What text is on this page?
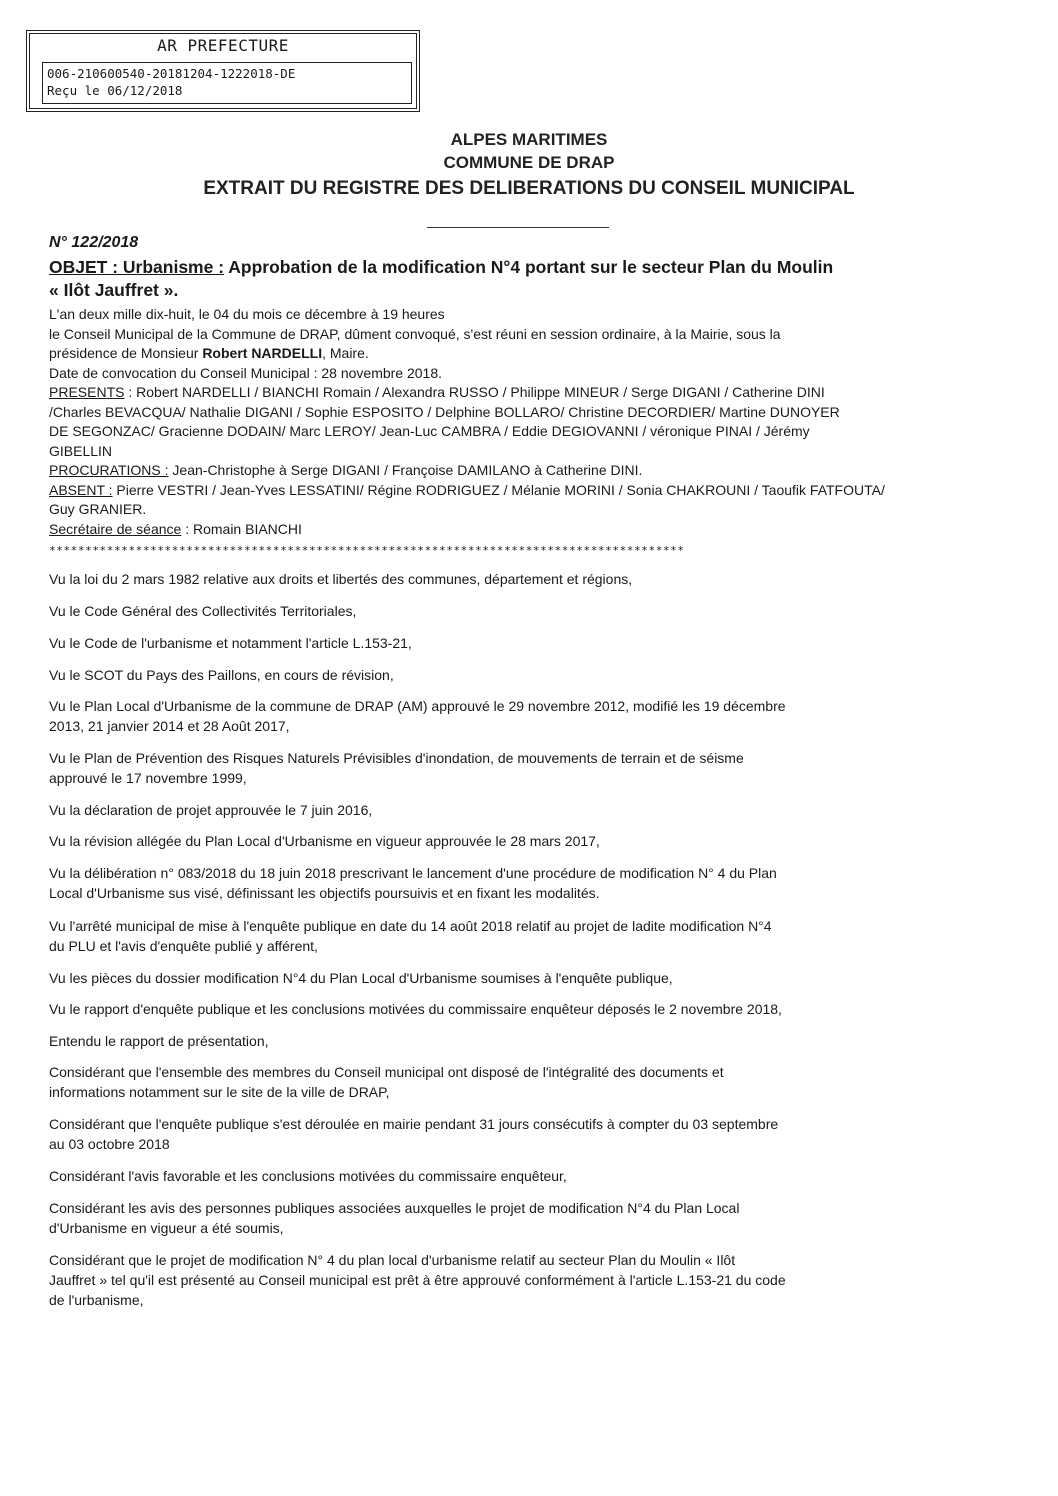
AR PREFECTURE
006-210600540-20181204-1222018-DE
Reçu le 06/12/2018
ALPES MARITIMES
COMMUNE DE DRAP
EXTRAIT DU REGISTRE DES DELIBERATIONS DU CONSEIL MUNICIPAL
N° 122/2018
OBJET : Urbanisme : Approbation de la modification N°4 portant sur le secteur Plan du Moulin
« Ilôt Jauffret ».
L'an deux mille dix-huit, le 04 du mois ce décembre à 19 heures
le Conseil Municipal de la Commune de DRAP, dûment convoqué, s'est réuni en session ordinaire, à la Mairie, sous la
présidence de Monsieur Robert NARDELLI, Maire.
Date de convocation du Conseil Municipal : 28 novembre 2018.
PRESENTS : Robert NARDELLI / BIANCHI Romain / Alexandra RUSSO / Philippe MINEUR / Serge DIGANI / Catherine DINI
/Charles BEVACQUA/ Nathalie DIGANI / Sophie ESPOSITO / Delphine BOLLARO/ Christine DECORDIER/ Martine DUNOYER
DE SEGONZAC/ Gracienne DODAIN/ Marc LEROY/ Jean-Luc CAMBRA / Eddie DEGIOVANNI / véronique PINAI / Jérémy
GIBELLIN
PROCURATIONS : Jean-Christophe à Serge DIGANI / Françoise DAMILANO à Catherine DINI.
ABSENT : Pierre VESTRI / Jean-Yves LESSATINI/ Régine RODRIGUEZ / Mélanie MORINI / Sonia CHAKROUNI / Taoufik FATFOUTA/
Guy GRANIER.
Secrétaire de séance : Romain BIANCHI
****************************************************************************************
Vu la loi du 2 mars 1982 relative aux droits et libertés des communes, département et régions,
Vu le Code Général des Collectivités Territoriales,
Vu le Code de l'urbanisme et notamment l'article L.153-21,
Vu le SCOT du Pays des Paillons, en cours de révision,
Vu le Plan Local d'Urbanisme de la commune de DRAP (AM) approuvé le 29 novembre 2012, modifié les 19 décembre
2013, 21 janvier 2014 et 28 Août 2017,
Vu le Plan de Prévention des Risques Naturels Prévisibles d'inondation, de mouvements de terrain et de séisme
approuvé le 17 novembre 1999,
Vu la déclaration de projet approuvée le 7 juin 2016,
Vu la révision allégée du Plan Local d'Urbanisme en vigueur approuvée le 28 mars 2017,
Vu la délibération n° 083/2018 du 18 juin 2018 prescrivant le lancement d'une procédure de modification N° 4 du Plan
Local d'Urbanisme sus visé, définissant les objectifs poursuivis et en fixant les modalités.
Vu l'arrêté municipal de mise à l'enquête publique en date du 14 août 2018 relatif au projet de ladite modification N°4
du PLU et l'avis d'enquête publié y afférent,
Vu les pièces du dossier modification N°4 du Plan Local d'Urbanisme soumises à l'enquête publique,
Vu le rapport d'enquête publique et les conclusions motivées du commissaire enquêteur déposés le 2 novembre 2018,
Entendu le rapport de présentation,
Considérant que l'ensemble des membres du Conseil municipal ont disposé de l'intégralité des documents et
informations notamment sur le site de la ville de DRAP,
Considérant que l'enquête publique s'est déroulée en mairie pendant 31 jours consécutifs à compter du 03 septembre
au 03 octobre 2018
Considérant l'avis favorable et les conclusions motivées du commissaire enquêteur,
Considérant les avis des personnes publiques associées auxquelles le projet de modification N°4 du Plan Local
d'Urbanisme en vigueur a été soumis,
Considérant que le projet de modification N° 4 du plan local d'urbanisme relatif au secteur Plan du Moulin « Ilôt
Jauffret » tel qu'il est présenté au Conseil municipal est prêt à être approuvé conformément à l'article L.153-21 du code
de l'urbanisme,
